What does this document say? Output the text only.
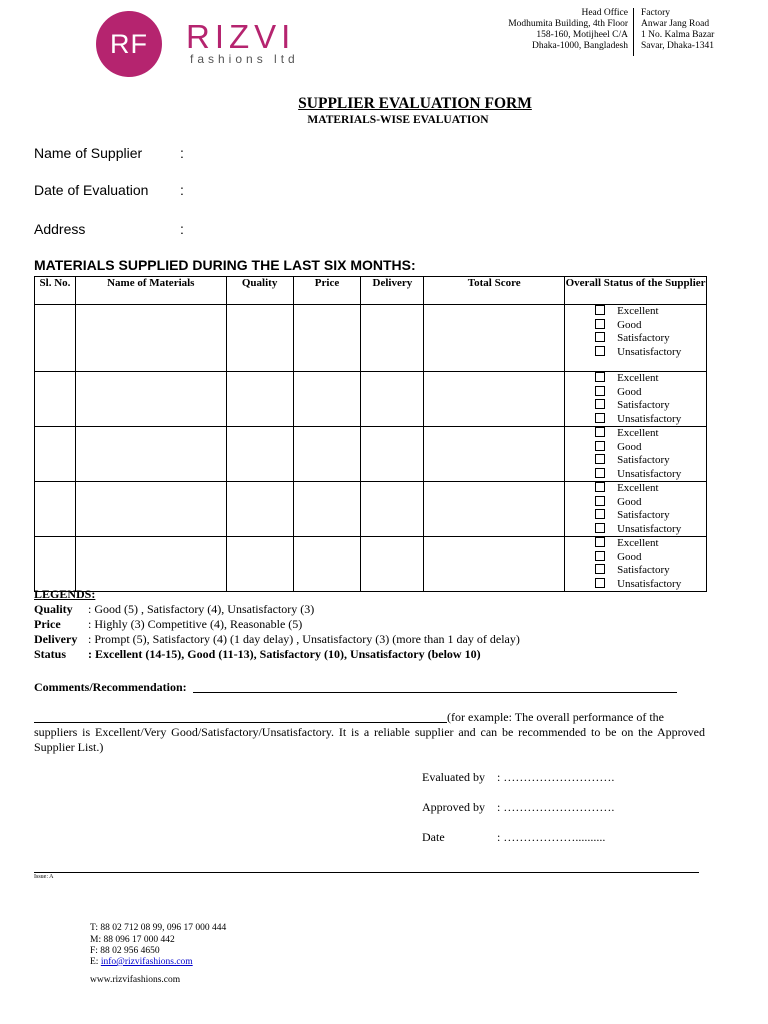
RF RIZVI
fashions ltd
Head Office
Modhumita Building, 4th Floor
158-160, Motijheel C/A
Dhaka-1000, Bangladesh
Factory
Anwar Jang Road
1 No. Kalma Bazar
Savar, Dhaka-1341
SUPPLIER EVALUATION FORM
MATERIALS-WISE EVALUATION
Name of Supplier	:
Date of Evaluation :
Address	:
MATERIALS SUPPLIED DURING THE LAST SIX MONTHS:
Sl. No.	Name of Materials	Quality	Price	Delivery	Total Score	Overall Status of the Supplier

						Excellent
Good
Satisfactory
Unsatisfactory

						Excellent
Good
Satisfactory
Unsatisfactory

						Excellent
Good
Satisfactory
Unsatisfactory

						Excellent
Good
Satisfactory
Unsatisfactory

						Excellent
Good
Satisfactory
Unsatisfactory
LEGENDS:
Quality : Good (5) , Satisfactory (4), Unsatisfactory (3)
Price : Highly (3) Competitive (4), Reasonable (5)
Delivery : Prompt (5), Satisfactory (4) (1 day delay) , Unsatisfactory (3) (more than 1 day of delay)
Status : Excellent (14-15), Good (11-13), Satisfactory (10), Unsatisfactory (below 10)
Comments/Recommendation:
(for example: The overall performance of the
suppliers is Excellent/Very Good/Satisfactory/Unsatisfactory. It is a reliable supplier and can be recommended to be on the Approved Supplier List.)
Evaluated by : ……………………….
Approved by : ……………………….
Date	: ………………..........
Issue: A
T: 88 02 712 08 99, 096 17 000 444
M: 88 096 17 000 442
F: 88 02 956 4650
E: info@rizvifashions.com
www.rizvifashions.com
